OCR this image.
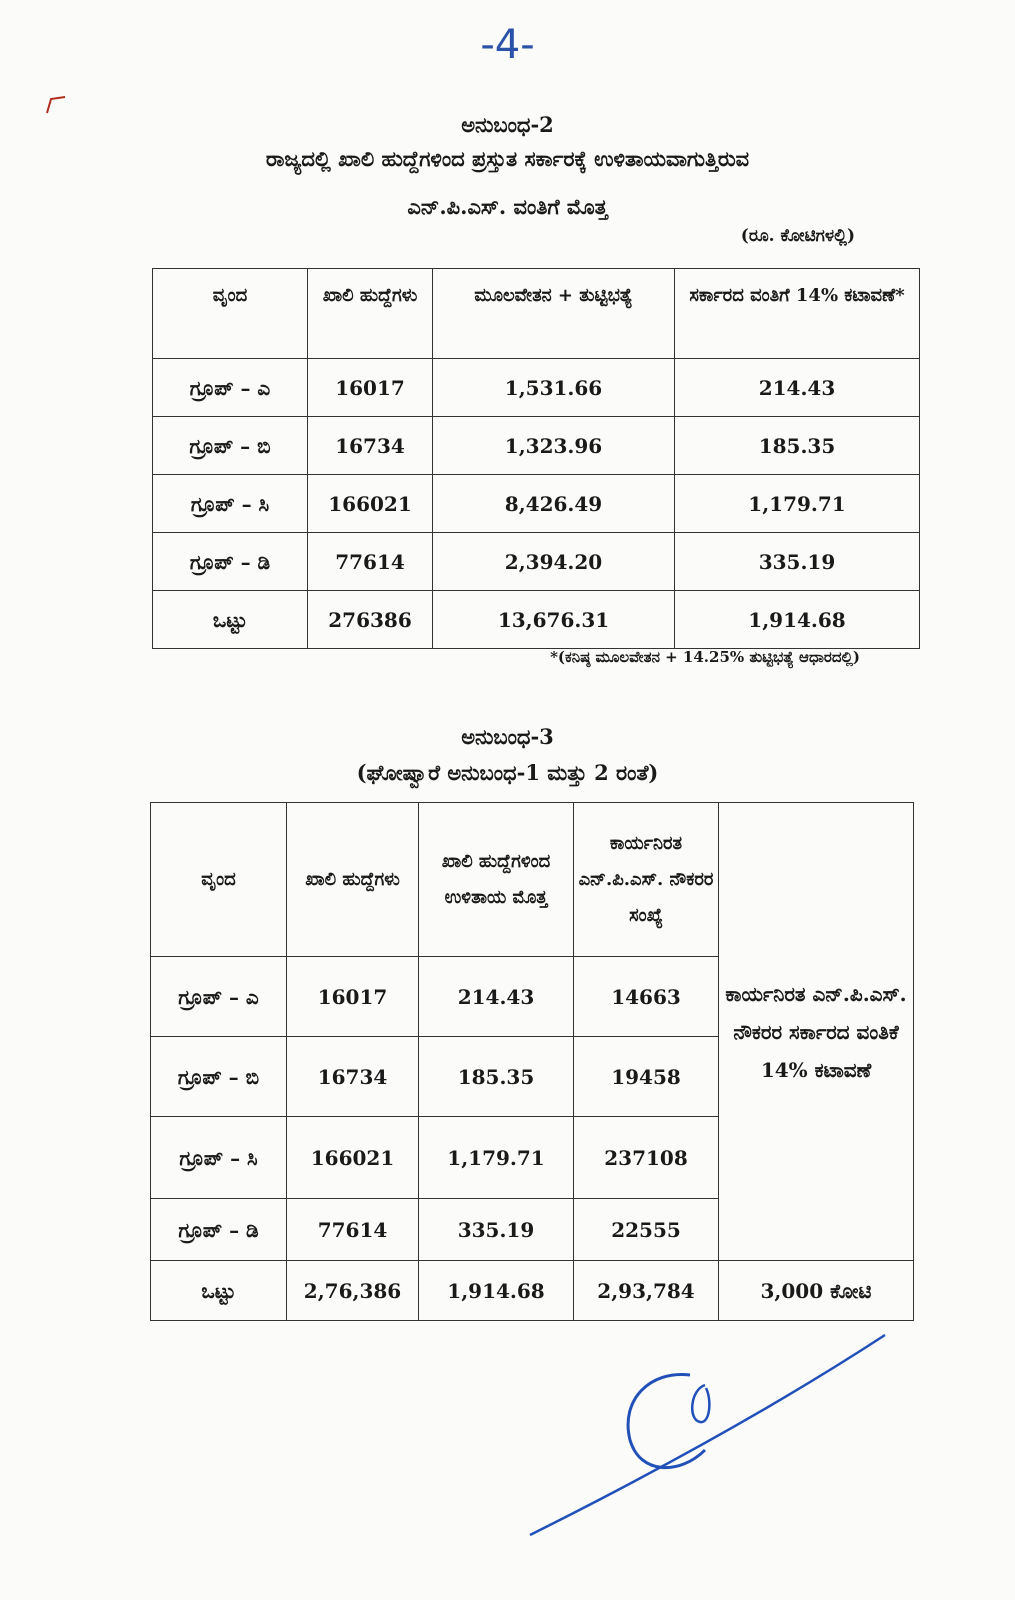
-4-
ಅನುಬಂಧ-2
ರಾಜ್ಯದಲ್ಲಿ ಖಾಲಿ ಹುದ್ದೆಗಳಿಂದ ಪ್ರಸ್ತುತ ಸರ್ಕಾರಕ್ಕೆ ಉಳಿತಾಯವಾಗುತ್ತಿರುವ
ಎನ್.ಪಿ.ಎಸ್. ವಂತಿಗೆ ಮೊತ್ತ
(ರೂ. ಕೋಟಿಗಳಲ್ಲಿ)
ವೃಂದ	ಖಾಲಿ ಹುದ್ದೆಗಳು	ಮೂಲವೇತನ + ತುಟ್ಟಿಭತ್ಯೆ	ಸರ್ಕಾರದ ವಂತಿಗೆ 14% ಕಟಾವಣೆ*
ಗ್ರೂಪ್ – ಎ	16017	1,531.66	214.43
ಗ್ರೂಪ್ – ಬಿ	16734	1,323.96	185.35
ಗ್ರೂಪ್ – ಸಿ	166021	8,426.49	1,179.71
ಗ್ರೂಪ್ – ಡಿ	77614	2,394.20	335.19
ಒಟ್ಟು	276386	13,676.31	1,914.68
*(ಕನಿಷ್ಠ ಮೂಲವೇತನ + 14.25% ತುಟ್ಟಿಭತ್ಯೆ ಆಧಾರದಲ್ಲಿ)
ಅನುಬಂಧ-3
(ಘೋಷ್ವಾರೆ ಅನುಬಂಧ-1 ಮತ್ತು 2 ರಂತೆ)
ವೃಂದ	ಖಾಲಿ ಹುದ್ದೆಗಳು	ಖಾಲಿ ಹುದ್ದೆಗಳಿಂದ ಉಳಿತಾಯ ಮೊತ್ತ	ಕಾರ್ಯನಿರತ ಎನ್.ಪಿ.ಎಸ್. ನೌಕರರ ಸಂಖ್ಯೆ	ಕಾರ್ಯನಿರತ ಎನ್.ಪಿ.ಎಸ್. ನೌಕರರ ಸರ್ಕಾರದ ವಂತಿಕೆ 14% ಕಟಾವಣೆ
ಗ್ರೂಪ್ – ಎ	16017	214.43	14663	
ಗ್ರೂಪ್ – ಬಿ	16734	185.35	19458	
ಗ್ರೂಪ್ – ಸಿ	166021	1,179.71	237108	
ಗ್ರೂಪ್ – ಡಿ	77614	335.19	22555	
ಒಟ್ಟು	2,76,386	1,914.68	2,93,784	3,000 ಕೋಟಿ
